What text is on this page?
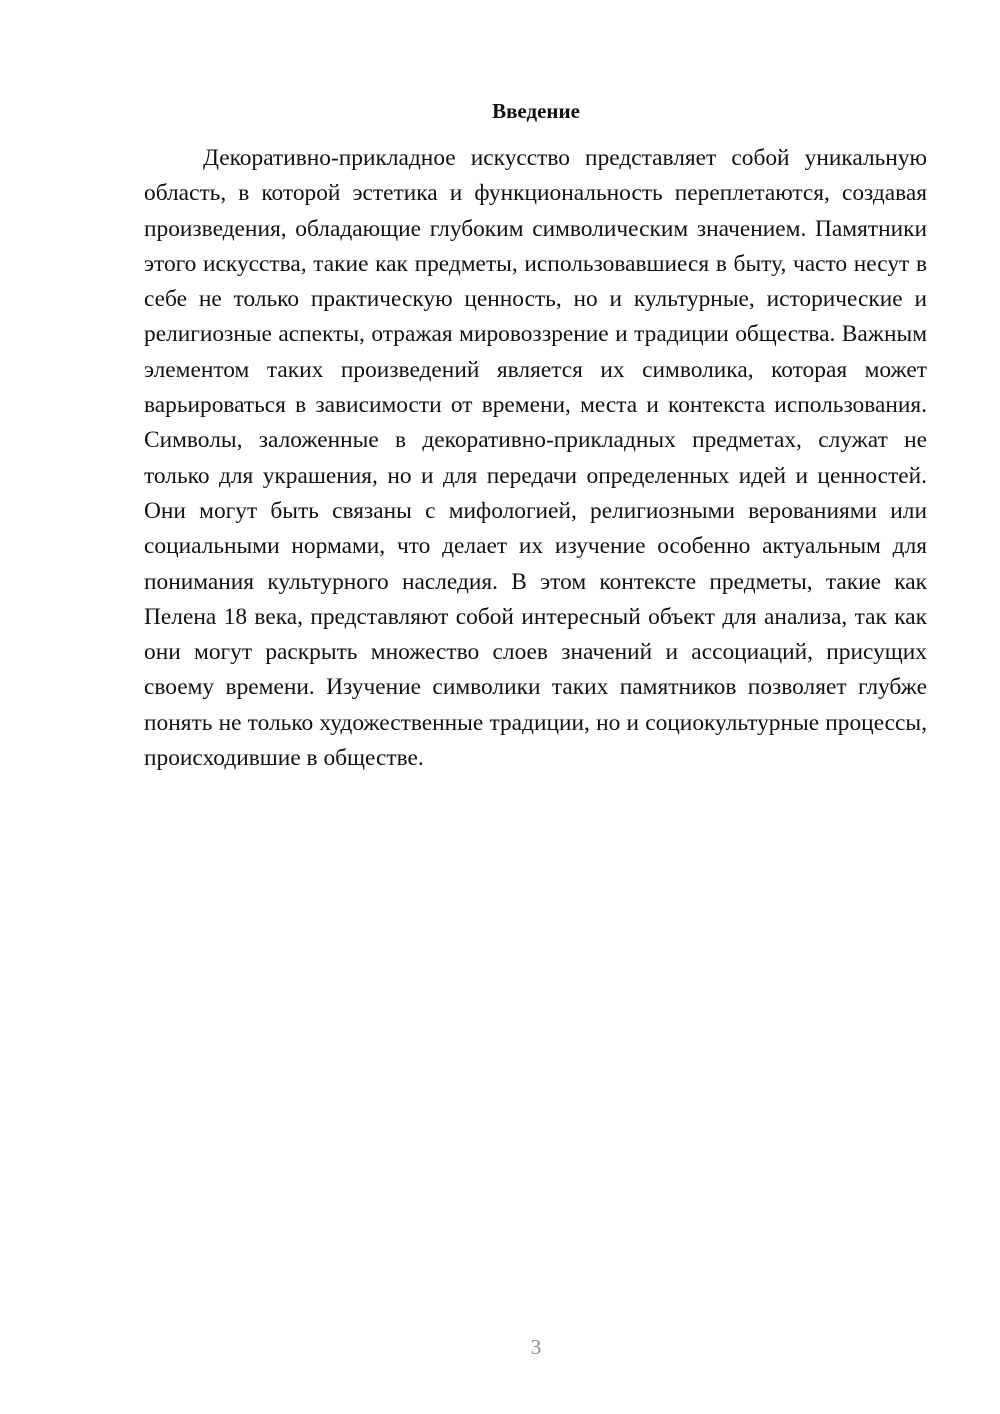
Введение

Декоративно-прикладное искусство представляет собой уникальную область, в которой эстетика и функциональность переплетаются, создавая произведения, обладающие глубоким символическим значением. Памятники этого искусства, такие как предметы, использовавшиеся в быту, часто несут в себе не только практическую ценность, но и культурные, исторические и религиозные аспекты, отражая мировоззрение и традиции общества. Важным элементом таких произведений является их символика, которая может варьироваться в зависимости от времени, места и контекста использования. Символы, заложенные в декоративно-прикладных предметах, служат не только для украшения, но и для передачи определенных идей и ценностей. Они могут быть связаны с мифологией, религиозными верованиями или социальными нормами, что делает их изучение особенно актуальным для понимания культурного наследия. В этом контексте предметы, такие как Пелена 18 века, представляют собой интересный объект для анализа, так как они могут раскрыть множество слоев значений и ассоциаций, присущих своему времени. Изучение символики таких памятников позволяет глубже понять не только художественные традиции, но и социокультурные процессы, происходившие в обществе.

3
